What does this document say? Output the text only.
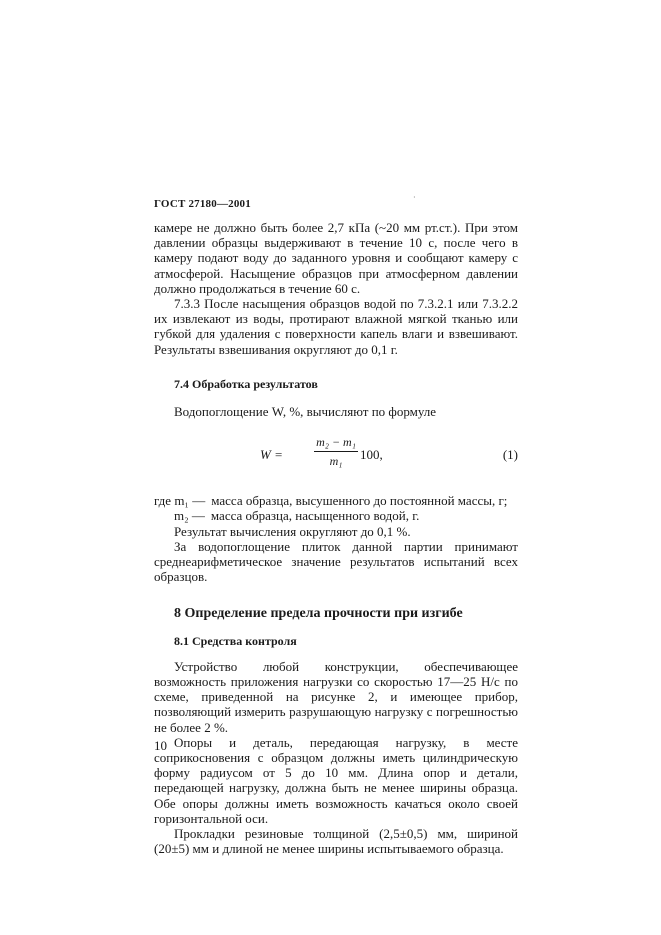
ГОСТ 27180—2001
·

камере не должно быть более 2,7 кПа (~20 мм рт.ст.). При этом давлении образцы выдерживают в течение 10 с, после чего в камеру подают воду до заданного уровня и сообщают камеру с атмосферой. Насыщение образцов при атмосферном давлении должно продолжаться в течение 60 с.

7.3.3 После насыщения образцов водой по 7.3.2.1 или 7.3.2.2 их извлекают из воды, протирают влажной мягкой тканью или губкой для удаления с поверхности капель влаги и взвешивают. Результаты взвешивания округляют до 0,1 г.

7.4 Обработка результатов

Водопоглощение W, %, вычисляют по формуле

W =
m₂ − m₁
m₁	100,	(1)
где m₁ — масса образца, высушенного до постоянной массы, г;
m₂ — масса образца, насыщенного водой, г.

Результат вычисления округляют до 0,1 %.

За водопоглощение плиток данной партии принимают среднеарифметическое значение результатов испытаний всех образцов.

8 Определение предела прочности при изгибе
8.1 Средства контроля

Устройство любой конструкции, обеспечивающее возможность приложения нагрузки со скоростью 17—25 Н/с по схеме, приведенной на рисунке 2, и имеющее прибор, позволяющий измерить разрушающую нагрузку с погрешностью не более 2 %.

Опоры и деталь, передающая нагрузку, в месте соприкосновения с образцом должны иметь цилиндрическую форму радиусом от 5 до 10 мм. Длина опор и детали, передающей нагрузку, должна быть не менее ширины образца. Обе опоры должны иметь возможность качаться около своей горизонтальной оси.

Прокладки резиновые толщиной (2,5±0,5) мм, шириной (20±5) мм и длиной не менее ширины испытываемого образца.

10
